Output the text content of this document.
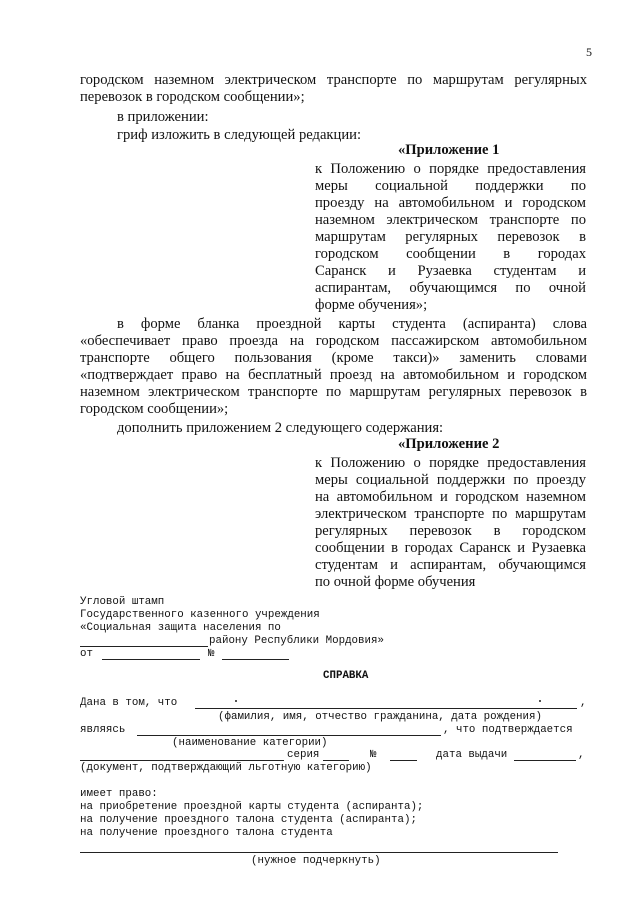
5
городском наземном электрическом транспорте по маршрутам регулярных
перевозок в городском сообщении»;
в приложении:
гриф изложить в следующей редакции:
«Приложение 1
к Положению о порядке предоставления
меры социальной поддержки по
проезду на автомобильном и городском
наземном электрическом транспорте по
маршрутам регулярных перевозок в
городском сообщении в городах
Саранск и Рузаевка студентам и
аспирантам, обучающимся по очной
форме обучения»;
в форме бланка проездной карты студента (аспиранта) слова
«обеспечивает право проезда на городском пассажирском автомобильном
транспорте общего пользования (кроме такси)» заменить словами
«подтверждает право на бесплатный проезд на автомобильном и городском
наземном электрическом транспорте по маршрутам регулярных перевозок в
городском сообщении»;
дополнить приложением 2 следующего содержания:
«Приложение 2
к Положению о порядке предоставления
меры социальной поддержки по проезду
на автомобильном и городском наземном
электрическом транспорте по маршрутам
регулярных перевозок в городском
сообщении в городах Саранск и Рузаевка
студентам и аспирантам, обучающимся
по очной форме обучения
Угловой штамп
Государственного казенного учреждения
«Социальная защита населения по
району Республики Мордовия»
от	№
СПРАВКА
Дана в том, что	,
(фамилия, имя, отчество гражданина, дата рождения)
являясь	, что подтверждается
(наименование категории)
серия	№	дата выдачи	,
(документ, подтверждающий льготную категорию)
имеет право:
на приобретение проездной карты студента (аспиранта);
на получение проездного талона студента (аспиранта);
на получение проездного талона студента
(нужное подчеркнуть)
